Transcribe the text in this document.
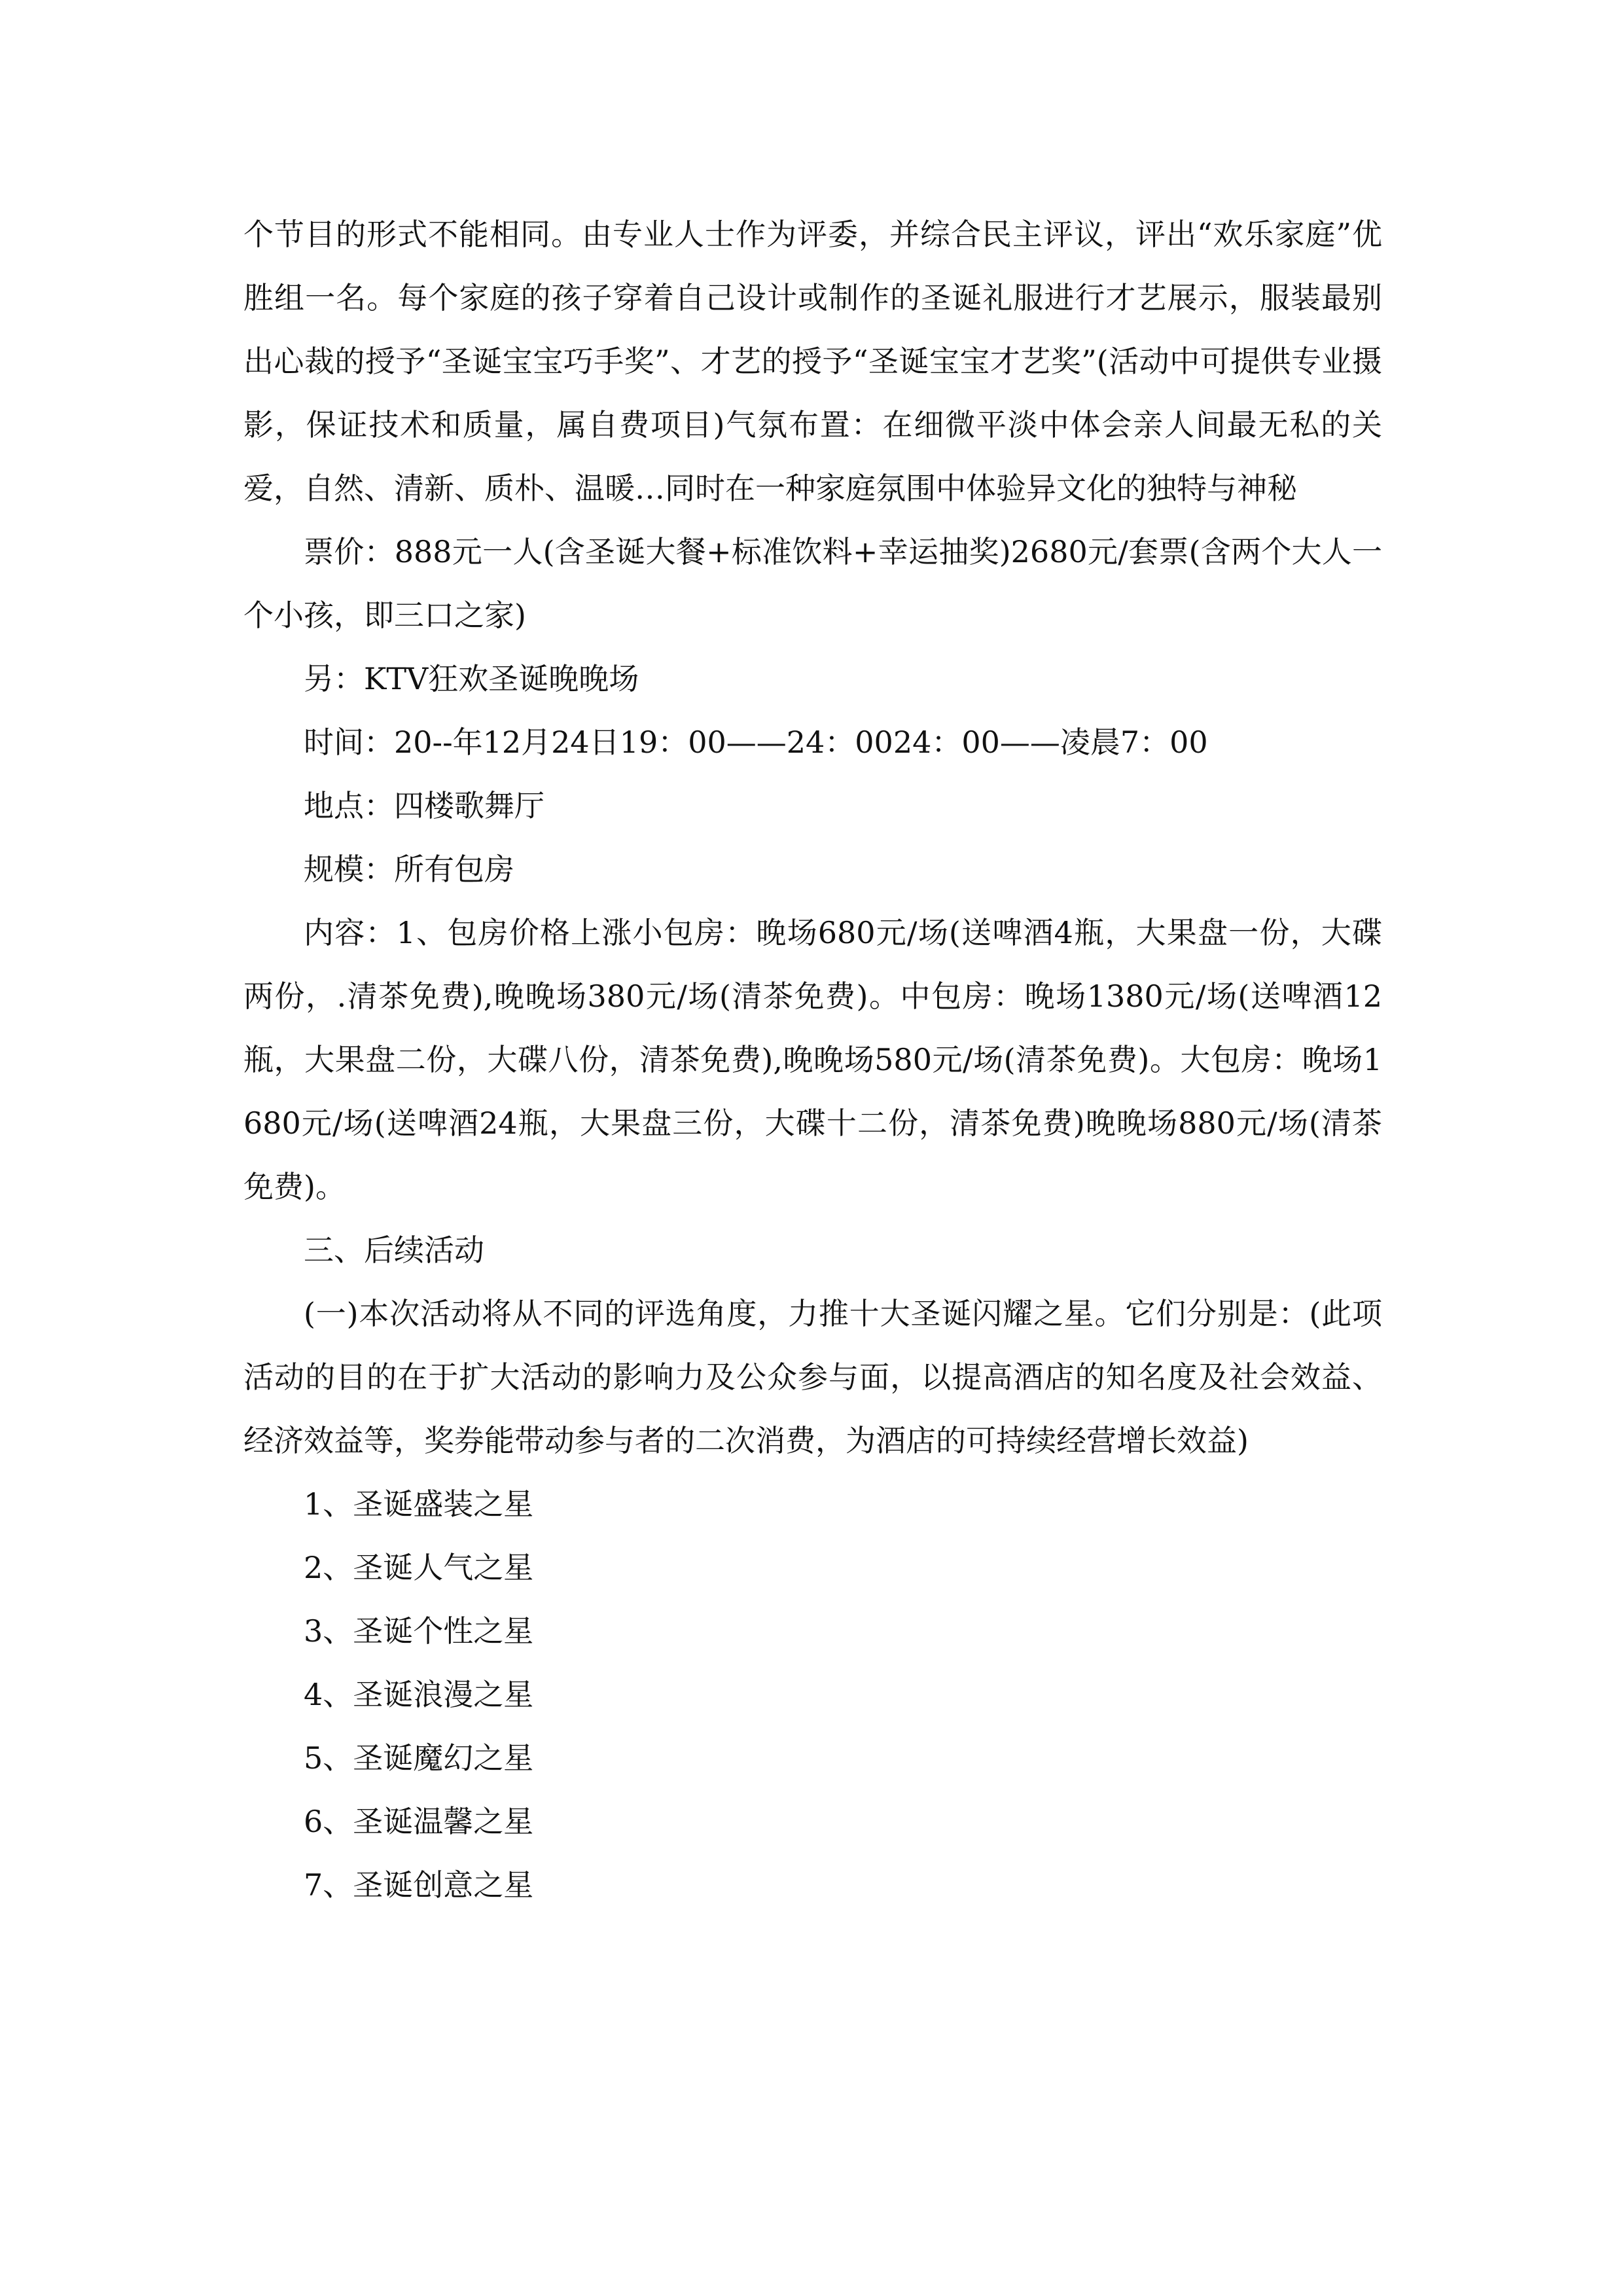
个节目的形式不能相同。由专业人士作为评委，并综合民主评议，评出“欢乐家庭”优胜组一名。每个家庭的孩子穿着自己设计或制作的圣诞礼服进行才艺展示，服装最别出心裁的授予“圣诞宝宝巧手奖”、才艺的授予“圣诞宝宝才艺奖”(活动中可提供专业摄影，保证技术和质量，属自费项目)气氛布置：在细微平淡中体会亲人间最无私的关爱，自然、清新、质朴、温暖…同时在一种家庭氛围中体验异文化的独特与神秘

票价：888元一人(含圣诞大餐+标准饮料+幸运抽奖)2680元/套票(含两个大人一个小孩，即三口之家)

另：KTV狂欢圣诞晚晚场

时间：20--年12月24日19：00——24：0024：00——凌晨7：00

地点：四楼歌舞厅

规模：所有包房

内容：1、包房价格上涨小包房：晚场680元/场(送啤酒4瓶，大果盘一份，大碟两份，.清茶免费),晚晚场380元/场(清茶免费)。中包房：晚场1380元/场(送啤酒12瓶，大果盘二份，大碟八份，清茶免费),晚晚场580元/场(清茶免费)。大包房：晚场1680元/场(送啤酒24瓶，大果盘三份，大碟十二份，清茶免费)晚晚场880元/场(清茶免费)。

三、后续活动

(一)本次活动将从不同的评选角度，力推十大圣诞闪耀之星。它们分别是：(此项活动的目的在于扩大活动的影响力及公众参与面，以提高酒店的知名度及社会效益、经济效益等，奖券能带动参与者的二次消费，为酒店的可持续经营增长效益)

1、圣诞盛装之星

2、圣诞人气之星

3、圣诞个性之星

4、圣诞浪漫之星

5、圣诞魔幻之星

6、圣诞温馨之星

7、圣诞创意之星
